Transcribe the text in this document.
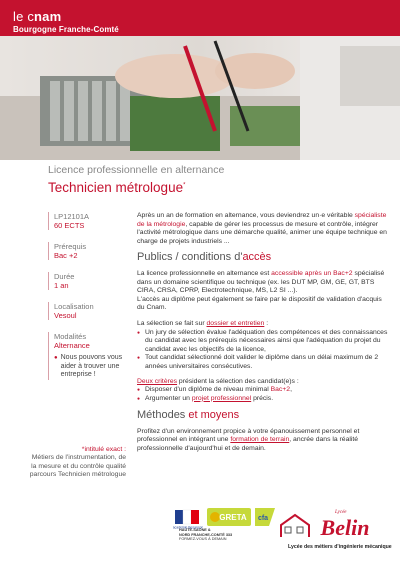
le cnam
Bourgogne Franche-Comté
Licence professionnelle en alternance
Technicien métrologue*
LP12101A
60 ECTS
Prérequis
Bac +2
Durée
1 an
Localisation
Vesoul
Modalités
Alternance
● Nous pouvons vous aider à trouver une entreprise !
*intitulé exact :
Métiers de l'instrumentation, de la mesure et du contrôle qualité parcours Technicien métrologue

Après un an de formation en alternance, vous deviendrez un·e véritable spécialiste de la métrologie, capable de gérer les processus de mesure et contrôle, intégrer l'activité métrologique dans une démarche qualité, animer une équipe technique en charge de projets industriels ...

Publics / conditions d'accès

La licence professionnelle en alternance est accessible après un Bac+2 spécialisé dans un domaine scientifique ou technique (ex. les DUT MP, GM, GE, GT, BTS CIRA, CRSA, CPRP, Electrotechnique, MS, L2 SI ...).
L'accès au diplôme peut également se faire par le dispositif de validation d'acquis du Cnam.

La sélection se fait sur dossier et entretien :
● Un jury de sélection évalue l'adéquation des compétences et des connaissances du candidat avec les prérequis nécessaires ainsi que l'adéquation du projet du candidat avec les objectifs de la licence,
● Tout candidat sélectionné doit valider le diplôme dans un délai maximum de 2 années universitaires consécutives.
Deux critères président la sélection des candidat(e)s :
● Disposer d'un diplôme de niveau minimal Bac+2,
● Argumenter un projet professionnel précis.
Méthodes et moyens

Profitez d'un environnement propice à votre épanouissement personnel et professionnel en intégrant une formation de terrain, ancrée dans la réalité professionnelle d'aujourd'hui et de demain.

académie Besançon
GRETA cfa
HAUTE-SAÔNE &
NORD FRANCHE-COMTÉ 333
FORMEZ-VOUS À DEMAIN
Lycée
Belin
Lycée des métiers d'ingénierie mécanique
